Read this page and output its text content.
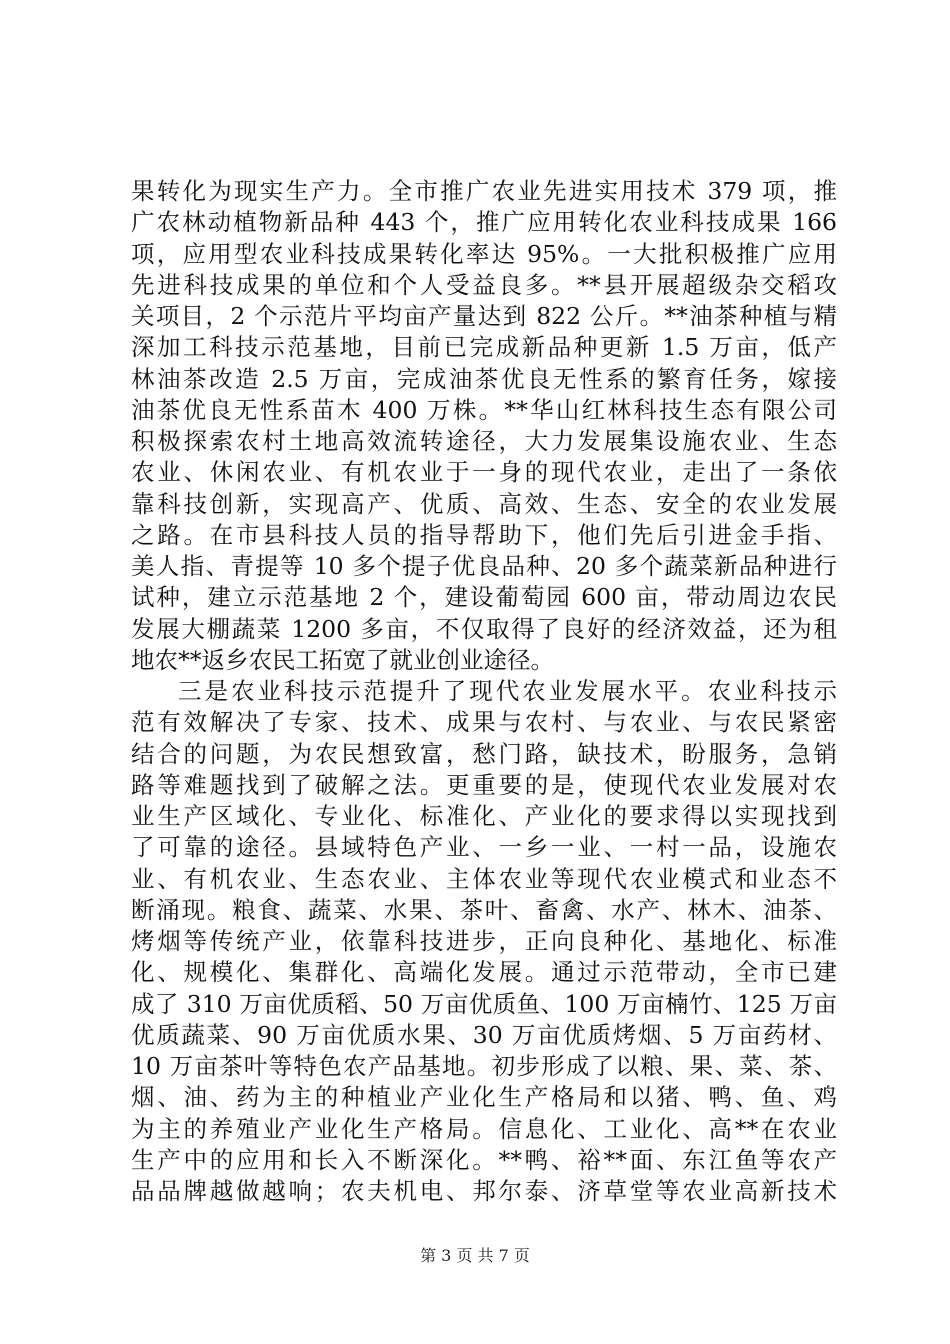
果转化为现实生产力。全市推广农业先进实用技术 379 项，推
广农林动植物新品种 443 个，推广应用转化农业科技成果 166
项，应用型农业科技成果转化率达 95%。一大批积极推广应用
先进科技成果的单位和个人受益良多。**县开展超级杂交稻攻
关项目，2 个示范片平均亩产量达到 822 公斤。**油茶种植与精
深加工科技示范基地，目前已完成新品种更新 1.5 万亩，低产
林油茶改造 2.5 万亩，完成油茶优良无性系的繁育任务，嫁接
油茶优良无性系苗木 400 万株。**华山红林科技生态有限公司
积极探索农村土地高效流转途径，大力发展集设施农业、生态
农业、休闲农业、有机农业于一身的现代农业，走出了一条依
靠科技创新，实现高产、优质、高效、生态、安全的农业发展
之路。在市县科技人员的指导帮助下，他们先后引进金手指、
美人指、青提等 10 多个提子优良品种、20 多个蔬菜新品种进行
试种，建立示范基地 2 个，建设葡萄园 600 亩，带动周边农民
发展大棚蔬菜 1200 多亩，不仅取得了良好的经济效益，还为租
地农**返乡农民工拓宽了就业创业途径。
三是农业科技示范提升了现代农业发展水平。农业科技示
范有效解决了专家、技术、成果与农村、与农业、与农民紧密
结合的问题，为农民想致富，愁门路，缺技术，盼服务，急销
路等难题找到了破解之法。更重要的是，使现代农业发展对农
业生产区域化、专业化、标准化、产业化的要求得以实现找到
了可靠的途径。县域特色产业、一乡一业、一村一品，设施农
业、有机农业、生态农业、主体农业等现代农业模式和业态不
断涌现。粮食、蔬菜、水果、茶叶、畜禽、水产、林木、油茶、
烤烟等传统产业，依靠科技进步，正向良种化、基地化、标准
化、规模化、集群化、高端化发展。通过示范带动，全市已建
成了 310 万亩优质稻、50 万亩优质鱼、100 万亩楠竹、125 万亩
优质蔬菜、90 万亩优质水果、30 万亩优质烤烟、5 万亩药材、
10 万亩茶叶等特色农产品基地。初步形成了以粮、果、菜、茶、
烟、油、药为主的种植业产业化生产格局和以猪、鸭、鱼、鸡
为主的养殖业产业化生产格局。信息化、工业化、高**在农业
生产中的应用和长入不断深化。**鸭、裕**面、东江鱼等农产
品品牌越做越响；农夫机电、邦尔泰、济草堂等农业高新技术
第 3 页 共 7 页
